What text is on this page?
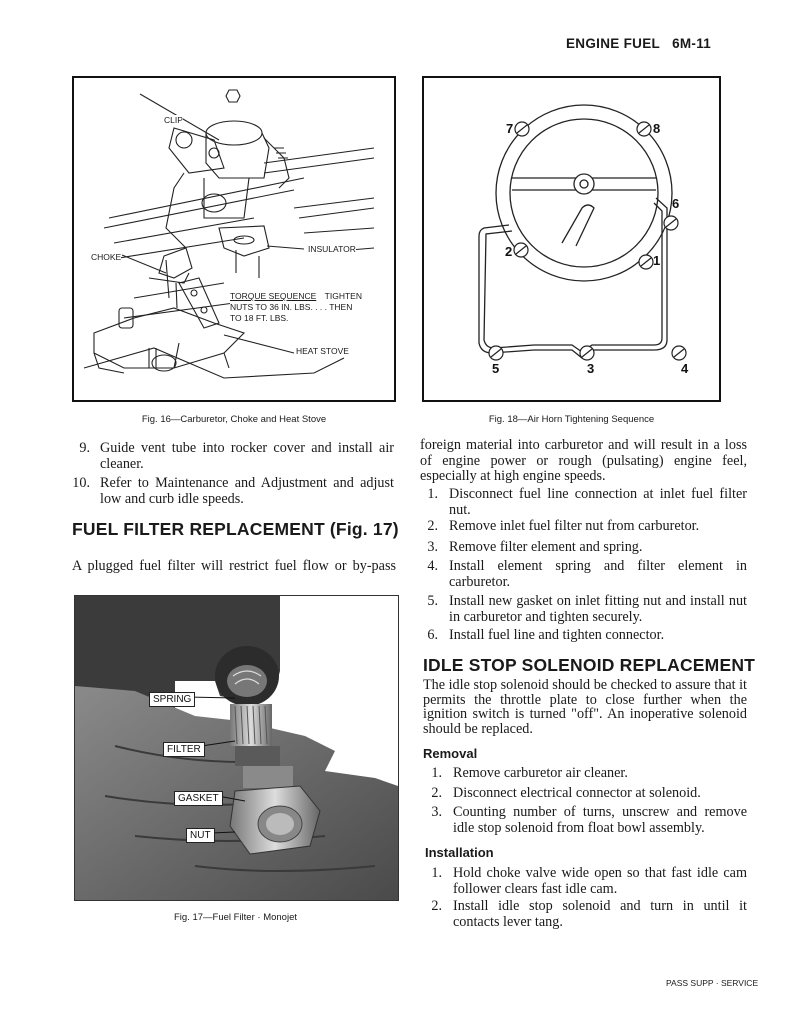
ENGINE FUEL 6M-11
CLIP
CHOKE
INSULATOR
TORQUE SEQUENCE TIGHTEN
NUTS TO 36 IN. LBS. . . . THEN
TO 18 FT. LBS.
HEAT STOVE
Fig. 16—Carburetor, Choke and Heat Stove
1
2
3	4
5
6
7	8
Fig. 18—Air Horn Tightening Sequence
9. Guide vent tube into rocker cover and install air cleaner.
10. Refer to Maintenance and Adjustment and adjust low and curb idle speeds.
FUEL FILTER REPLACEMENT (Fig. 17)
A plugged fuel filter will restrict fuel flow or by-pass
SPRING
FILTER
GASKET
NUT
Fig. 17—Fuel Filter · Monojet
foreign material into carburetor and will result in a loss of engine power or rough (pulsating) engine feel, especially at high engine speeds.
1. Disconnect fuel line connection at inlet fuel filter nut.
2. Remove inlet fuel filter nut from carburetor.
3. Remove filter element and spring.
4. Install element spring and filter element in carburetor.
5. Install new gasket on inlet fitting nut and install nut in carburetor and tighten securely.
6. Install fuel line and tighten connector.
IDLE STOP SOLENOID REPLACEMENT
The idle stop solenoid should be checked to assure that it permits the throttle plate to close further when the ignition switch is turned "off". An inoperative solenoid should be replaced.
Removal
1. Remove carburetor air cleaner.
2. Disconnect electrical connector at solenoid.
3. Counting number of turns, unscrew and remove idle stop solenoid from float bowl assembly.
Installation
1. Hold choke valve wide open so that fast idle cam follower clears fast idle cam.
2. Install idle stop solenoid and turn in until it contacts lever tang.
PASS SUPP · SERVICE
